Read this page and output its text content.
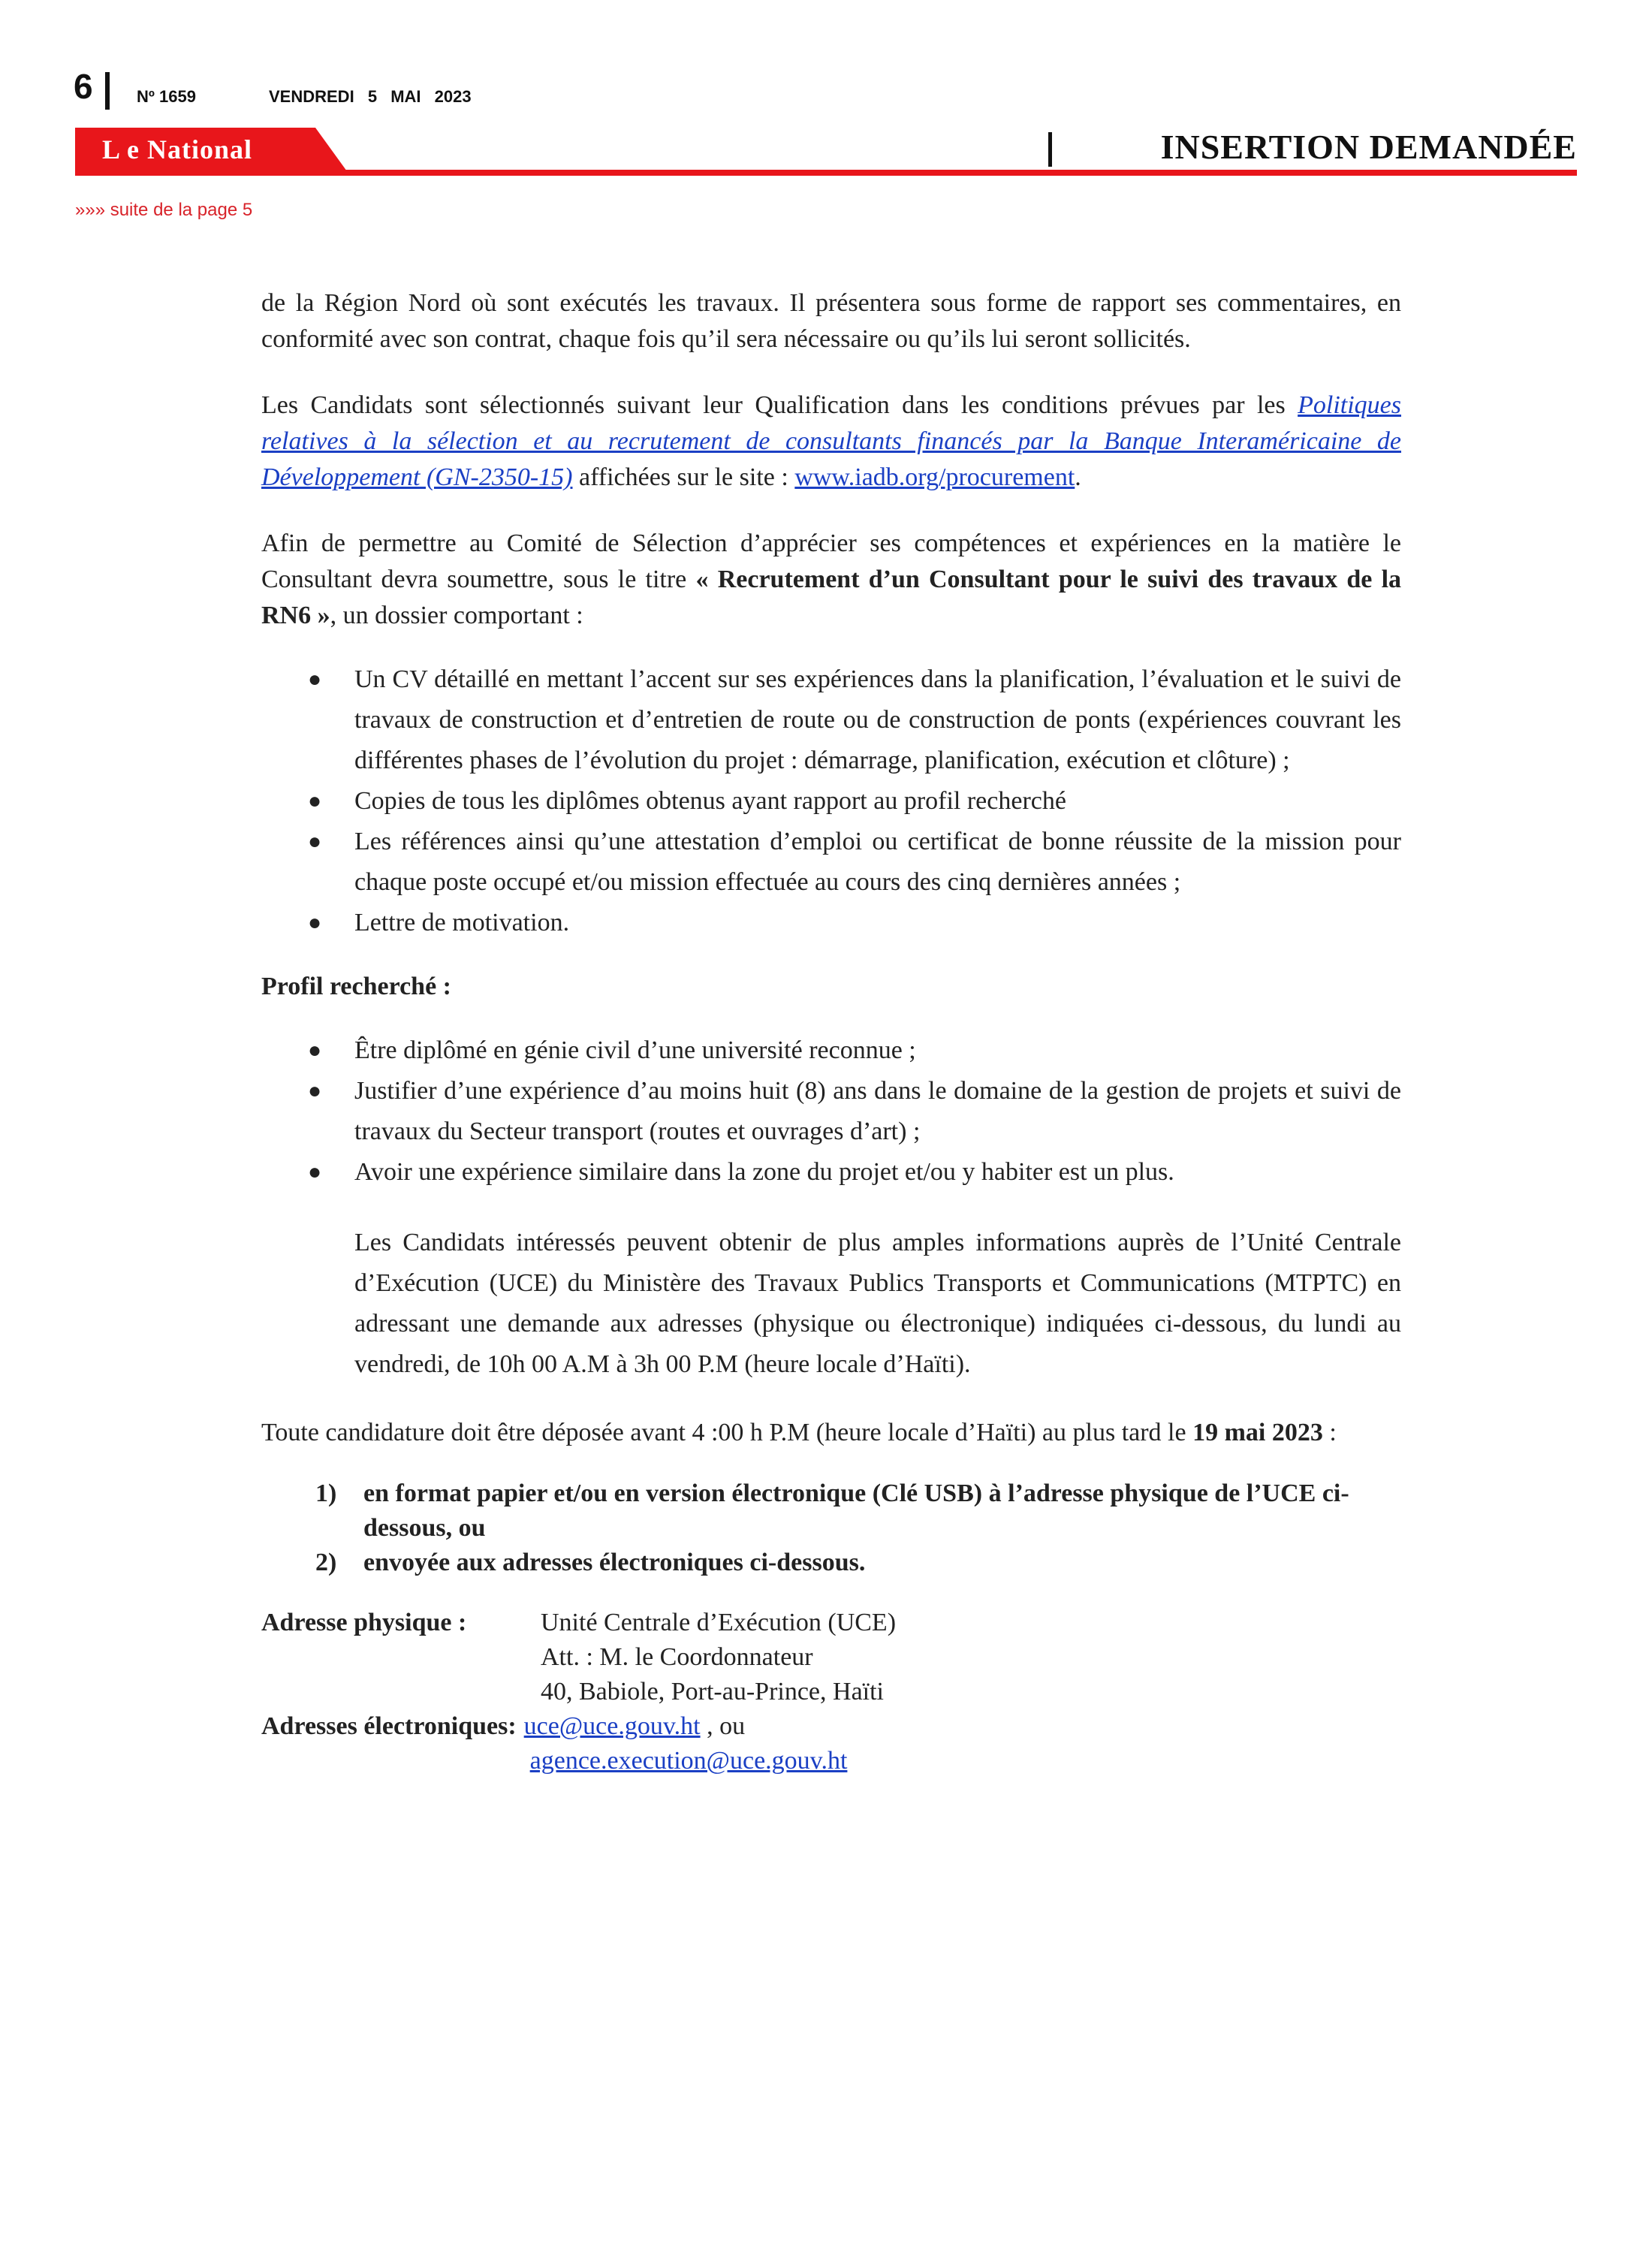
6	Nº 1659	VENDREDI 5 MAI 2023
L e National	INSERTION DEMANDÉE
»»» suite de la page 5

de la Région Nord où sont exécutés les travaux. Il présentera sous forme de rapport ses commentaires, en conformité avec son contrat, chaque fois qu’il sera nécessaire ou qu’ils lui seront sollicités.

Les Candidats sont sélectionnés suivant leur Qualification dans les conditions prévues par les Politiques relatives à la sélection et au recrutement de consultants financés par la Banque Interaméricaine de Développement (GN-2350-15) affichées sur le site : www.iadb.org/procurement.

Afin de permettre au Comité de Sélection d’apprécier ses compétences et expériences en la matière le Consultant devra soumettre, sous le titre « Recrutement d’un Consultant pour le suivi des travaux de la RN6 », un dossier comportant :

● Un CV détaillé en mettant l’accent sur ses expériences dans la planification, l’évaluation et le suivi de travaux de construction et d’entretien de route ou de construction de ponts (expériences couvrant les différentes phases de l’évolution du projet : démarrage, planification, exécution et clôture) ;
● Copies de tous les diplômes obtenus ayant rapport au profil recherché
● Les références ainsi qu’une attestation d’emploi ou certificat de bonne réussite de la mission pour chaque poste occupé et/ou mission effectuée au cours des cinq dernières années ;
● Lettre de motivation.

Profil recherché :

● Être diplômé en génie civil d’une université reconnue ;
● Justifier d’une expérience d’au moins huit (8) ans dans le domaine de la gestion de projets et suivi de travaux du Secteur transport (routes et ouvrages d’art) ;
● Avoir une expérience similaire dans la zone du projet et/ou y habiter est un plus.

Les Candidats intéressés peuvent obtenir de plus amples informations auprès de l’Unité Centrale d’Exécution (UCE) du Ministère des Travaux Publics Transports et Communications (MTPTC) en adressant une demande aux adresses (physique ou électronique) indiquées ci-dessous, du lundi au vendredi, de 10h 00 A.M à 3h 00 P.M (heure locale d’Haïti).

Toute candidature doit être déposée avant 4 :00 h P.M (heure locale d’Haïti) au plus tard le 19 mai 2023 :

1) en format papier et/ou en version électronique (Clé USB) à l’adresse physique de l’UCE ci-dessous, ou
2) envoyée aux adresses électroniques ci-dessous.
Adresse physique :	Unité Centrale d’Exécution (UCE)
Att. : M. le Coordonnateur
40, Babiole, Port-au-Prince, Haïti
Adresses électroniques: uce@uce.gouv.ht , ou
agence.execution@uce.gouv.ht
